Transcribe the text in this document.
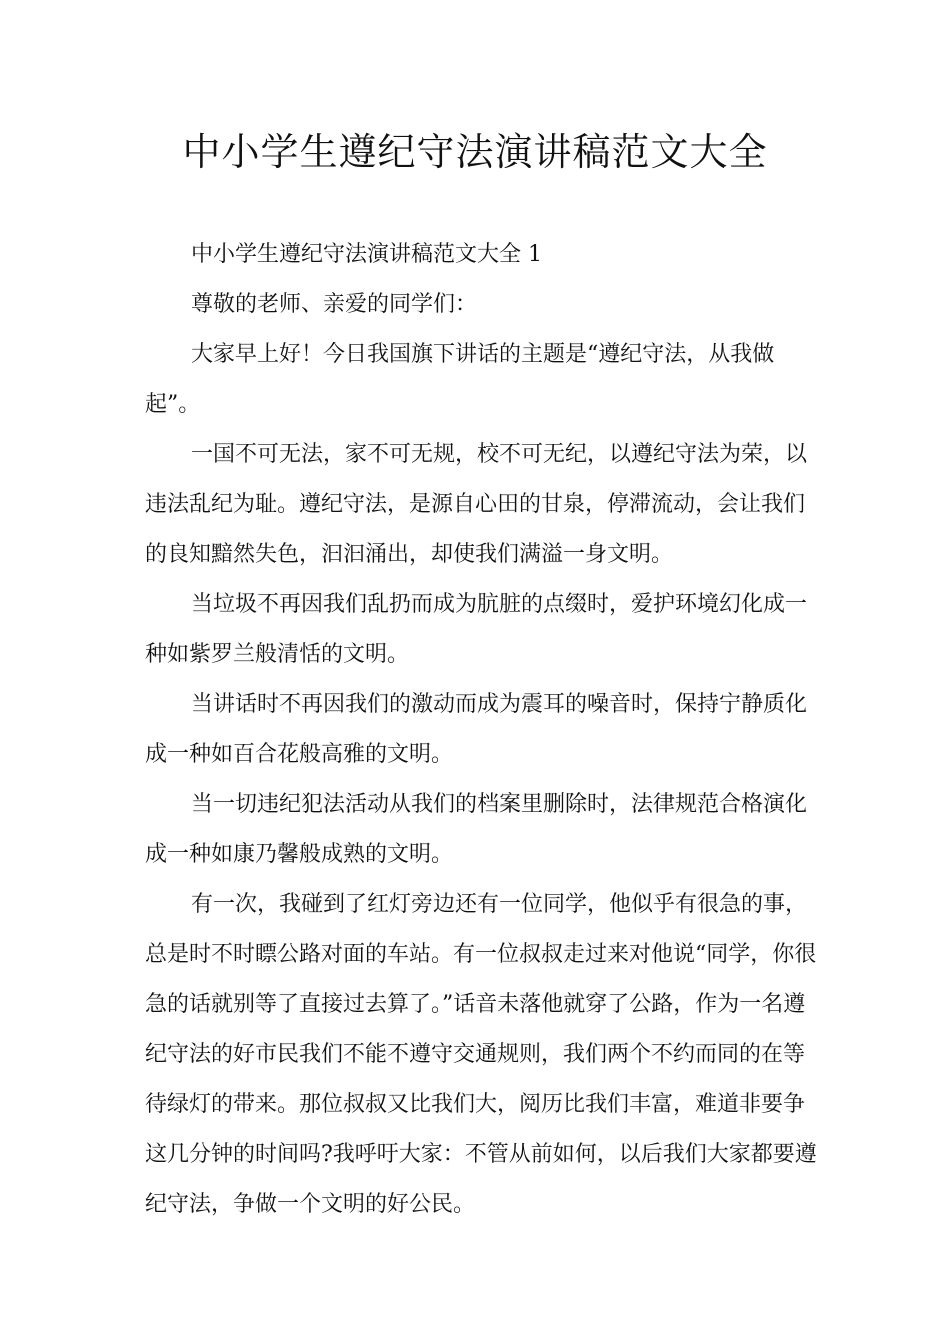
中小学生遵纪守法演讲稿范文大全

中小学生遵纪守法演讲稿范文大全 1

尊敬的老师、亲爱的同学们：

大家早上好！今日我国旗下讲话的主题是“遵纪守法，从我做起”。

一国不可无法，家不可无规，校不可无纪，以遵纪守法为荣，以违法乱纪为耻。遵纪守法，是源自心田的甘泉，停滞流动，会让我们的良知黯然失色，汩汩涌出，却使我们满溢一身文明。

当垃圾不再因我们乱扔而成为肮脏的点缀时，爱护环境幻化成一种如紫罗兰般清恬的文明。

当讲话时不再因我们的激动而成为震耳的噪音时，保持宁静质化成一种如百合花般高雅的文明。

当一切违纪犯法活动从我们的档案里删除时，法律规范合格演化成一种如康乃馨般成熟的文明。

有一次，我碰到了红灯旁边还有一位同学，他似乎有很急的事，总是时不时瞟公路对面的车站。有一位叔叔走过来对他说“同学，你很急的话就别等了直接过去算了。”话音未落他就穿了公路，作为一名遵纪守法的好市民我们不能不遵守交通规则，我们两个不约而同的在等待绿灯的带来。那位叔叔又比我们大，阅历比我们丰富，难道非要争这几分钟的时间吗?我呼吁大家：不管从前如何，以后我们大家都要遵纪守法，争做一个文明的好公民。
